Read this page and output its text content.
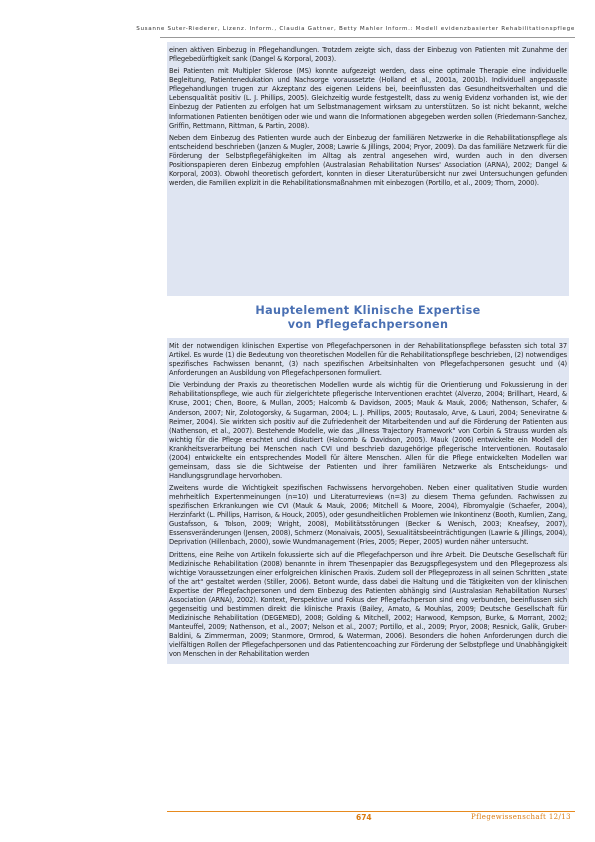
Susanne Suter-Riederer, Lizenz. Inform., Claudia Gattner, Betty Mahler Inform.: Modell evidenzbasierter Rehabilitationspflege

einen aktiven Einbezug in Pflegehandlungen. Trotzdem zeigte sich, dass der Einbezug von Patienten mit Zunahme der Pflegebedürftigkeit sank (Dangel & Korporal, 2003).

Bei Patienten mit Multipler Sklerose (MS) konnte aufgezeigt werden, dass eine optimale Therapie eine individuelle Begleitung, Patientenedukation und Nachsorge voraussetzte (Holland et al., 2001a, 2001b). Individuell angepasste Pflegehandlungen trugen zur Akzeptanz des eigenen Leidens bei, beeinflussten das Gesundheitsverhalten und die Lebensqualität positiv (L. J. Phillips, 2005). Gleichzeitig wurde festgestellt, dass zu wenig Evidenz vorhanden ist, wie der Einbezug der Patienten zu erfolgen hat um Selbstmanagement wirksam zu unterstützen. So ist nicht bekannt, welche Informationen Patienten benötigen oder wie und wann die Informationen abgegeben werden sollen (Friedemann-Sanchez, Griffin, Rettmann, Rittman, & Partin, 2008).

Neben dem Einbezug des Patienten wurde auch der Einbezug der familiären Netzwerke in die Rehabilitationspflege als entscheidend beschrieben (Janzen & Mugler, 2008; Lawrie & Jillings, 2004; Pryor, 2009). Da das familiäre Netzwerk für die Förderung der Selbstpflegefähigkeiten im Alltag als zentral angesehen wird, wurden auch in den diversen Positionspapieren deren Einbezug empfohlen (Australasian Rehabilitation Nurses' Association (ARNA), 2002; Dangel & Korporal, 2003). Obwohl theoretisch gefordert, konnten in dieser Literaturübersicht nur zwei Untersuchungen gefunden werden, die Familien explizit in die Rehabilitationsmaßnahmen mit einbezogen (Portillo, et al., 2009; Thorn, 2000).

Hauptelement Klinische Expertise
von Pflegefachpersonen

Mit der notwendigen klinischen Expertise von Pflegefachpersonen in der Rehabilitationspflege befassten sich total 37 Artikel. Es wurde (1) die Bedeutung von theoretischen Modellen für die Rehabilitationspflege beschrieben, (2) notwendiges spezifisches Fachwissen benannt, (3) nach spezifischen Arbeitsinhalten von Pflegefachpersonen gesucht und (4) Anforderungen an Ausbildung von Pflegefachpersonen formuliert.

Die Verbindung der Praxis zu theoretischen Modellen wurde als wichtig für die Orientierung und Fokussierung in der Rehabilitationspflege, wie auch für zielgerichtete pflegerische Interventionen erachtet (Alverzo, 2004; Brillhart, Heard, & Kruse, 2001; Chen, Boore, & Mullan, 2005; Halcomb & Davidson, 2005; Mauk & Mauk, 2006; Nathenson, Schafer, & Anderson, 2007; Nir, Zolotogorsky, & Sugarman, 2004; L. J. Phillips, 2005; Routasalo, Arve, & Lauri, 2004; Seneviratne & Reimer, 2004). Sie wirkten sich positiv auf die Zufriedenheit der Mitarbeitenden und auf die Förderung der Patienten aus (Nathenson, et al., 2007). Bestehende Modelle, wie das „Illness Trajectory Framework" von Corbin & Strauss wurden als wichtig für die Pflege erachtet und diskutiert (Halcomb & Davidson, 2005). Mauk (2006) entwickelte ein Modell der Krankheitsverarbeitung bei Menschen nach CVI und beschrieb dazugehörige pflegerische Interventionen. Routasalo (2004) entwickelte ein entsprechendes Modell für ältere Menschen. Allen für die Pflege entwickelten Modellen war gemeinsam, dass sie die Sichtweise der Patienten und ihrer familiären Netzwerke als Entscheidungs- und Handlungsgrundlage hervorhoben.

Zweitens wurde die Wichtigkeit spezifischen Fachwissens hervorgehoben. Neben einer qualitativen Studie wurden mehrheitlich Expertenmeinungen (n=10) und Literaturreviews (n=3) zu diesem Thema gefunden. Fachwissen zu spezifischen Erkrankungen wie CVI (Mauk & Mauk, 2006; Mitchell & Moore, 2004), Fibromyalgie (Schaefer, 2004), Herzinfarkt (L. Phillips, Harrison, & Houck, 2005), oder gesundheitlichen Problemen wie Inkontinenz (Booth, Kumlien, Zang, Gustafsson, & Tolson, 2009; Wright, 2008), Mobilitätsstörungen (Becker & Wenisch, 2003; Kneafsey, 2007), Essensveränderungen (Jensen, 2008), Schmerz (Monaivais, 2005), Sexualitätsbeeinträchtigungen (Lawrie & Jillings, 2004), Deprivation (Hillenbach, 2000), sowie Wundmanagement (Fries, 2005; Pieper, 2005) wurden näher untersucht.

Drittens, eine Reihe von Artikeln fokussierte sich auf die Pflegefachperson und ihre Arbeit. Die Deutsche Gesellschaft für Medizinische Rehabilitation (2008) benannte in ihrem Thesenpapier das Bezugspflegesystem und den Pflegeprozess als wichtige Voraussetzungen einer erfolgreichen klinischen Praxis. Zudem soll der Pflegeprozess in all seinen Schritten „state of the art" gestaltet werden (Stiller, 2006). Betont wurde, dass dabei die Haltung und die Tätigkeiten von der klinischen Expertise der Pflegefachpersonen und dem Einbezug des Patienten abhängig sind (Australasian Rehabilitation Nurses' Association (ARNA), 2002). Kontext, Perspektive und Fokus der Pflegefachperson sind eng verbunden, beeinflussen sich gegenseitig und bestimmen direkt die klinische Praxis (Bailey, Amato, & Mouhlas, 2009; Deutsche Gesellschaft für Medizinische Rehabilitation (DEGEMED), 2008; Golding & Mitchell, 2002; Harwood, Kempson, Burke, & Morrant, 2002; Manteuffel, 2009; Nathenson, et al., 2007; Nelson et al., 2007; Portillo, et al., 2009; Pryor, 2008; Resnick, Galik, Gruber-Baldini, & Zimmerman, 2009; Stanmore, Ormrod, & Waterman, 2006). Besonders die hohen Anforderungen durch die vielfältigen Rollen der Pflegefachpersonen und das Patientencoaching zur Förderung der Selbstpflege und Unabhängigkeit von Menschen in der Rehabilitation werden

674	Pflegewissenschaft 12/13
